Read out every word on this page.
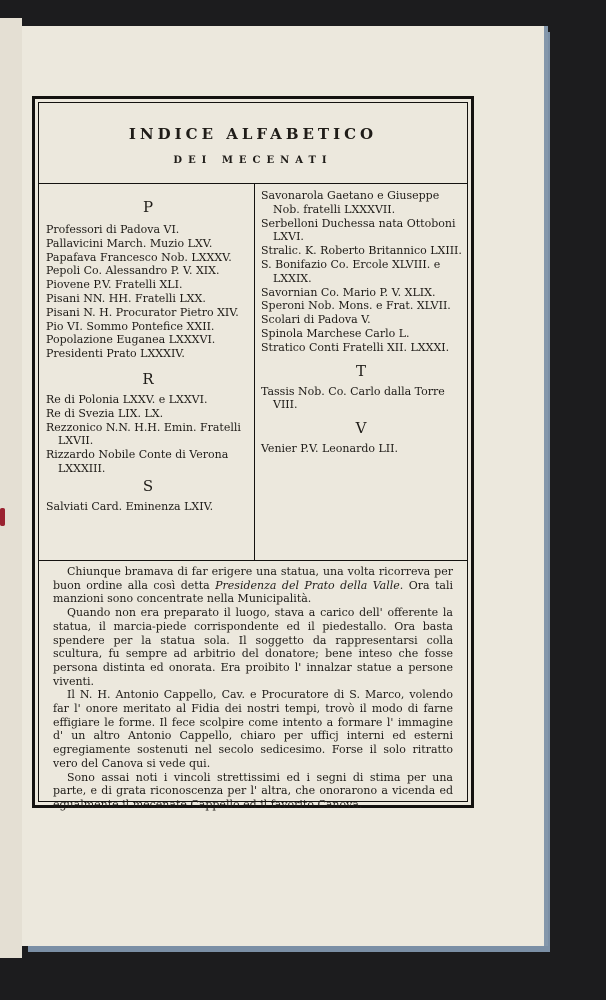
INDICE ALFABETICO
DEI MECENATI
P
Professori di Padova VI.
Pallavicini March. Muzio LXV.
Papafava Francesco Nob. LXXXV.
Pepoli Co. Alessandro P. V. XIX.
Piovene P.V. Fratelli XLI.
Pisani NN. HH. Fratelli LXX.
Pisani N. H. Procurator Pietro XIV.
Pio VI. Sommo Pontefice XXII.
Popolazione Euganea LXXXVI.
Presidenti Prato LXXXIV.
R
Re di Polonia LXXV. e LXXVI.
Re di Svezia LIX. LX.
Rezzonico N.N. H.H. Emin. Fratelli LXVII.
Rizzardo Nobile Conte di Verona LXXXIII.
S
Salviati Card. Eminenza LXIV.
Savonarola Gaetano e Giuseppe Nob. fratelli LXXXVII.
Serbelloni Duchessa nata Ottoboni LXVI.
Stralic. K. Roberto Britannico LXIII.
S. Bonifazio Co. Ercole XLVIII. e LXXIX.
Savornian Co. Mario P. V. XLIX.
Speroni Nob. Mons. e Frat. XLVII.
Scolari di Padova V.
Spinola Marchese Carlo L.
Stratico Conti Fratelli XII. LXXXI.
T
Tassis Nob. Co. Carlo dalla Torre VIII.
V
Venier P.V. Leonardo LII.

Chiunque bramava di far erigere una statua, una volta ricorreva per buon ordine alla così detta Presidenza del Prato della Valle. Ora tali manzioni sono concentrate nella Municipalità.

Quando non era preparato il luogo, stava a carico dell' offerente la statua, il marcia-piede corrispondente ed il piedestallo. Ora basta spendere per la statua sola. Il soggetto da rappresentarsi colla scultura, fu sempre ad arbitrio del donatore; bene inteso che fosse persona distinta ed onorata. Era proibito l' innalzar statue a persone viventi.

Il N. H. Antonio Cappello, Cav. e Procuratore di S. Marco, volendo far l' onore meritato al Fidia dei nostri tempi, trovò il modo di farne effigiare le forme. Il fece scolpire come intento a formare l' immagine d' un altro Antonio Cappello, chiaro per ufficj interni ed esterni egregiamente sostenuti nel secolo sedicesimo. Forse il solo ritratto vero del Canova si vede qui.

Sono assai noti i vincoli strettissimi ed i segni di stima per una parte, e di grata riconoscenza per l' altra, che onorarono a vicenda ed egualmente il mecenate Cappello ed il favorito Canova.
